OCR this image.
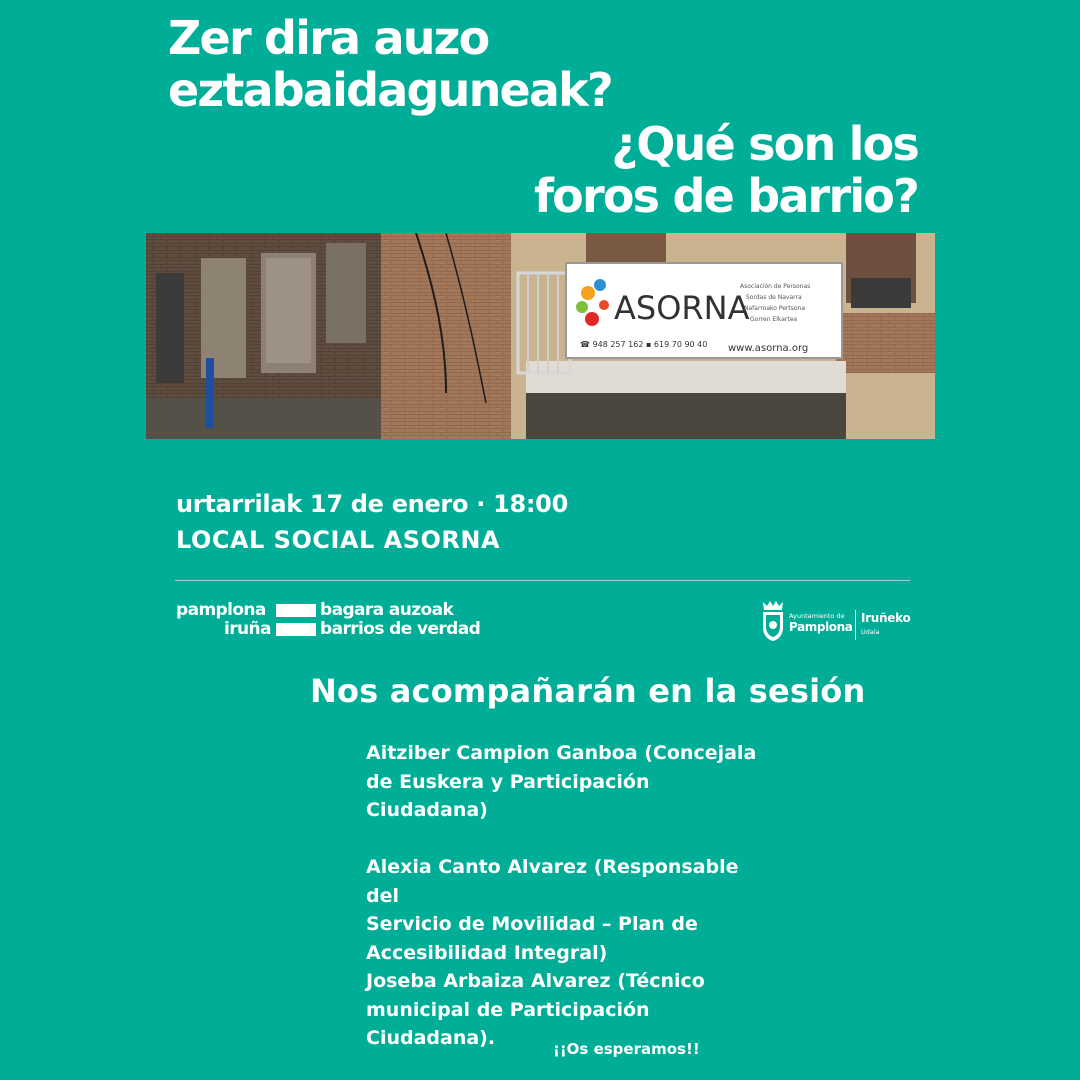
Zer dira auzo
eztabaidaguneak?
¿Qué son los
foros de barrio?
ASORNA
Asociación de Personas
Sordas de Navarra
Nafarroako Pertsona
Gorren Elkartea
☎ 948 257 162 ▪ 619 70 90 40 www.asorna.org
urtarrilak 17 de enero · 18:00
LOCAL SOCIAL ASORNA
pamplona
iruña
bagara auzoak
barrios de verdad
Ayuntamiento de
Pamplona
Iruñeko
Udala
Nos acompañarán en la sesión

Aitziber Campion Ganboa (Concejala
de Euskera y Participación
Ciudadana)

Alexia Canto Alvarez (Responsable del
Servicio de Movilidad – Plan de
Accesibilidad Integral)

Joseba Arbaiza Alvarez (Técnico
municipal de Participación
Ciudadana).	¡¡Os esperamos!!
